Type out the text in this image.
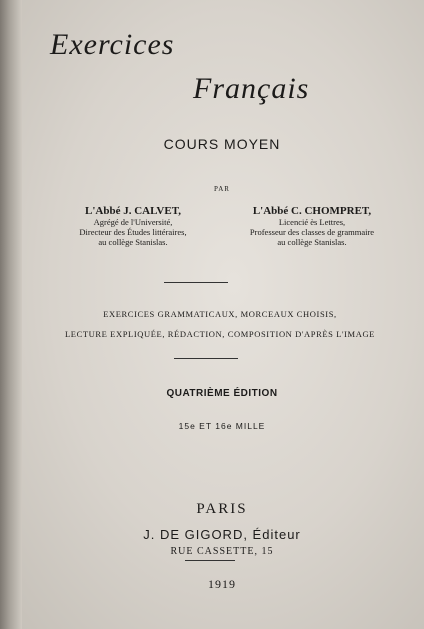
Exercices
Français
COURS MOYEN
PAR
L'Abbé J. CALVET,
Agrégé de l'Université,
Directeur des Études littéraires,
au collège Stanislas.
L'Abbé C. CHOMPRET,
Licencié ès Lettres,
Professeur des classes de grammaire
au collège Stanislas.
EXERCICES GRAMMATICAUX, MORCEAUX CHOISIS,
LECTURE EXPLIQUÉE, RÉDACTION, COMPOSITION D'APRÈS L'IMAGE
QUATRIÈME ÉDITION
15e ET 16e MILLE
PARIS
J. DE GIGORD, Éditeur
RUE CASSETTE, 15
1919
